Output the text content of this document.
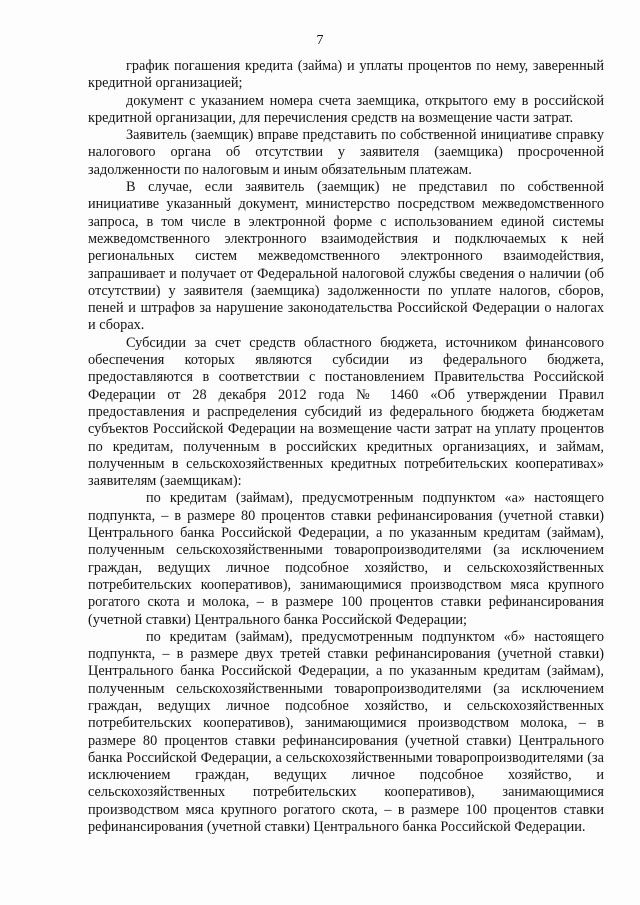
7

график погашения кредита (займа) и уплаты процентов по нему, заверенный кредитной организацией;

документ с указанием номера счета заемщика, открытого ему в российской кредитной организации, для перечисления средств на возмещение части затрат.

Заявитель (заемщик) вправе представить по собственной инициативе справку налогового органа об отсутствии у заявителя (заемщика) просроченной задолженности по налоговым и иным обязательным платежам.

В случае, если заявитель (заемщик) не представил по собственной инициативе указанный документ, министерство посредством межведомственного запроса, в том числе в электронной форме с использованием единой системы межведомственного электронного взаимодействия и подключаемых к ней региональных систем межведомственного электронного взаимодействия, запрашивает и получает от Федеральной налоговой службы сведения о наличии (об отсутствии) у заявителя (заемщика) задолженности по уплате налогов, сборов, пеней и штрафов за нарушение законодательства Российской Федерации о налогах и сборах.

Субсидии за счет средств областного бюджета, источником финансового обеспечения которых являются субсидии из федерального бюджета, предоставляются в соответствии с постановлением Правительства Российской Федерации от 28 декабря 2012 года № 1460 «Об утверждении Правил предоставления и распределения субсидий из федерального бюджета бюджетам субъектов Российской Федерации на возмещение части затрат на уплату процентов по кредитам, полученным в российских кредитных организациях, и займам, полученным в сельскохозяйственных кредитных потребительских кооперативах» заявителям (заемщикам):

по кредитам (займам), предусмотренным подпунктом «а» настоящего подпункта, – в размере 80 процентов ставки рефинансирования (учетной ставки) Центрального банка Российской Федерации, а по указанным кредитам (займам), полученным сельскохозяйственными товаропроизводителями (за исключением граждан, ведущих личное подсобное хозяйство, и сельскохозяйственных потребительских кооперативов), занимающимися производством мяса крупного рогатого скота и молока, – в размере 100 процентов ставки рефинансирования (учетной ставки) Центрального банка Российской Федерации;

по кредитам (займам), предусмотренным подпунктом «б» настоящего подпункта, – в размере двух третей ставки рефинансирования (учетной ставки) Центрального банка Российской Федерации, а по указанным кредитам (займам), полученным сельскохозяйственными товаропроизводителями (за исключением граждан, ведущих личное подсобное хозяйство, и сельскохозяйственных потребительских кооперативов), занимающимися производством молока, – в размере 80 процентов ставки рефинансирования (учетной ставки) Центрального банка Российской Федерации, а сельскохозяйственными товаропроизводителями (за исключением граждан, ведущих личное подсобное хозяйство, и сельскохозяйственных потребительских кооперативов), занимающимися производством мяса крупного рогатого скота, – в размере 100 процентов ставки рефинансирования (учетной ставки) Центрального банка Российской Федерации.
